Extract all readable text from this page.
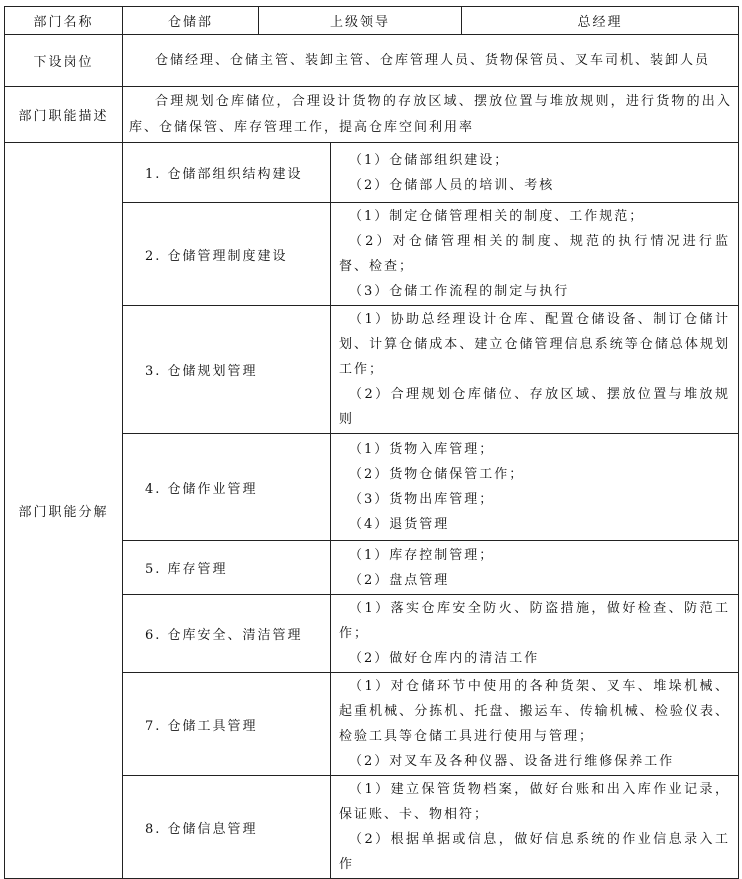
部门名称	仓储部	上级领导		总经理
下设岗位	仓储经理、仓储主管、装卸主管、仓库管理人员、货物保管员、叉车司机、装卸人员			
部门职能描述	合理规划仓库储位，合理设计货物的存放区域、摆放位置与堆放规则，进行货物的出入库、仓储保管、库存管理工作，提高仓库空间利用率			
部门职能分解	1. 仓储部组织结构建设		（1）仓储部组织建设；

（2）仓储部人员的培训、考核	

	2. 仓储管理制度建设		（1）制定仓储管理相关的制度、工作规范；

（2）对仓储管理相关的制度、规范的执行情况进行监督、检查；

（3）仓储工作流程的制定与执行	

	3. 仓储规划管理		（1）协助总经理设计仓库、配置仓储设备、制订仓储计划、计算仓储成本、建立仓储管理信息系统等仓储总体规划工作；

（2）合理规划仓库储位、存放区域、摆放位置与堆放规则	

	4. 仓储作业管理		（1）货物入库管理；

（2）货物仓储保管工作；

（3）货物出库管理；

（4）退货管理	

	5. 库存管理		（1）库存控制管理；

（2）盘点管理	

	6. 仓库安全、清洁管理		（1）落实仓库安全防火、防盗措施，做好检查、防范工作；

（2）做好仓库内的清洁工作	

	7. 仓储工具管理		（1）对仓储环节中使用的各种货架、叉车、堆垛机械、起重机械、分拣机、托盘、搬运车、传输机械、检验仪表、检验工具等仓储工具进行使用与管理；

（2）对叉车及各种仪器、设备进行维修保养工作	

	8. 仓储信息管理		（1）建立保管货物档案，做好台账和出入库作业记录，保证账、卡、物相符；

（2）根据单据或信息，做好信息系统的作业信息录入工作	
